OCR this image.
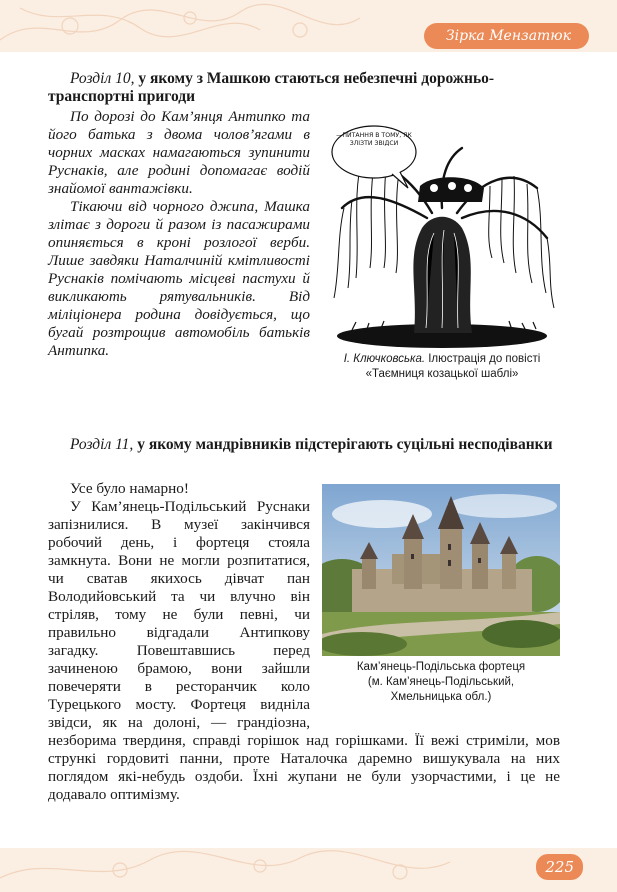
Зірка Мензатюк
225
Розділ 10, у якому з Машкою стаються небезпечні дорожньо-транспортні пригоди

По дорозі до Кам’янця Антипко та його батька з двома чолов’ягами в чорних масках намагаються зупинити Руснаків, але родині допомагає водій знайомої вантажівки.

Тікаючи від чорного джипа, Машка злітає з дороги й разом із пасажирами опиняється в кроні розлогої верби. Лише завдяки Наталчиній кмітливості Руснаків помічають місцеві пастухи й викликають рятувальників. Від міліціонера родина довідується, що бугай розтрощив автомобіль батьків Антипка.

—ПИТАННЯ В ТОМУ, ЯК ЗЛІЗТИ ЗВІДСИ
І. Ключковська. Ілюстрація до повісті «Таємниця козацької шаблі»
Розділ 11, у якому мандрівників підстерігають суцільні несподіванки
Кам’янець-Подільська фортеця
(м. Кам’янець-Подільський,
Хмельницька обл.)

Усе було намарно!

У Кам’янець-Подільський Руснаки запізнилися. В музеї закінчився робочий день, і фортеця стояла замкнута. Вони не могли розпитатися, чи сватав якихось дівчат пан Володийовський та чи влучно він стріляв, тому не були певні, чи правильно відгадали Антипкову загадку. Повештавшись перед зачиненою брамою, вони зайшли повечеряти в ресторанчик коло Турецького мосту. Фортеця видніла звідси, як на долоні, — грандіозна, незборима твердиня, справді горішок над горішками. Її вежі стриміли, мов стрункі гордовиті панни, проте Наталочка даремно вишукувала на них поглядом які-небудь оздоби. Їхні жупани не були узорчастими, і це не додавало оптимізму.
